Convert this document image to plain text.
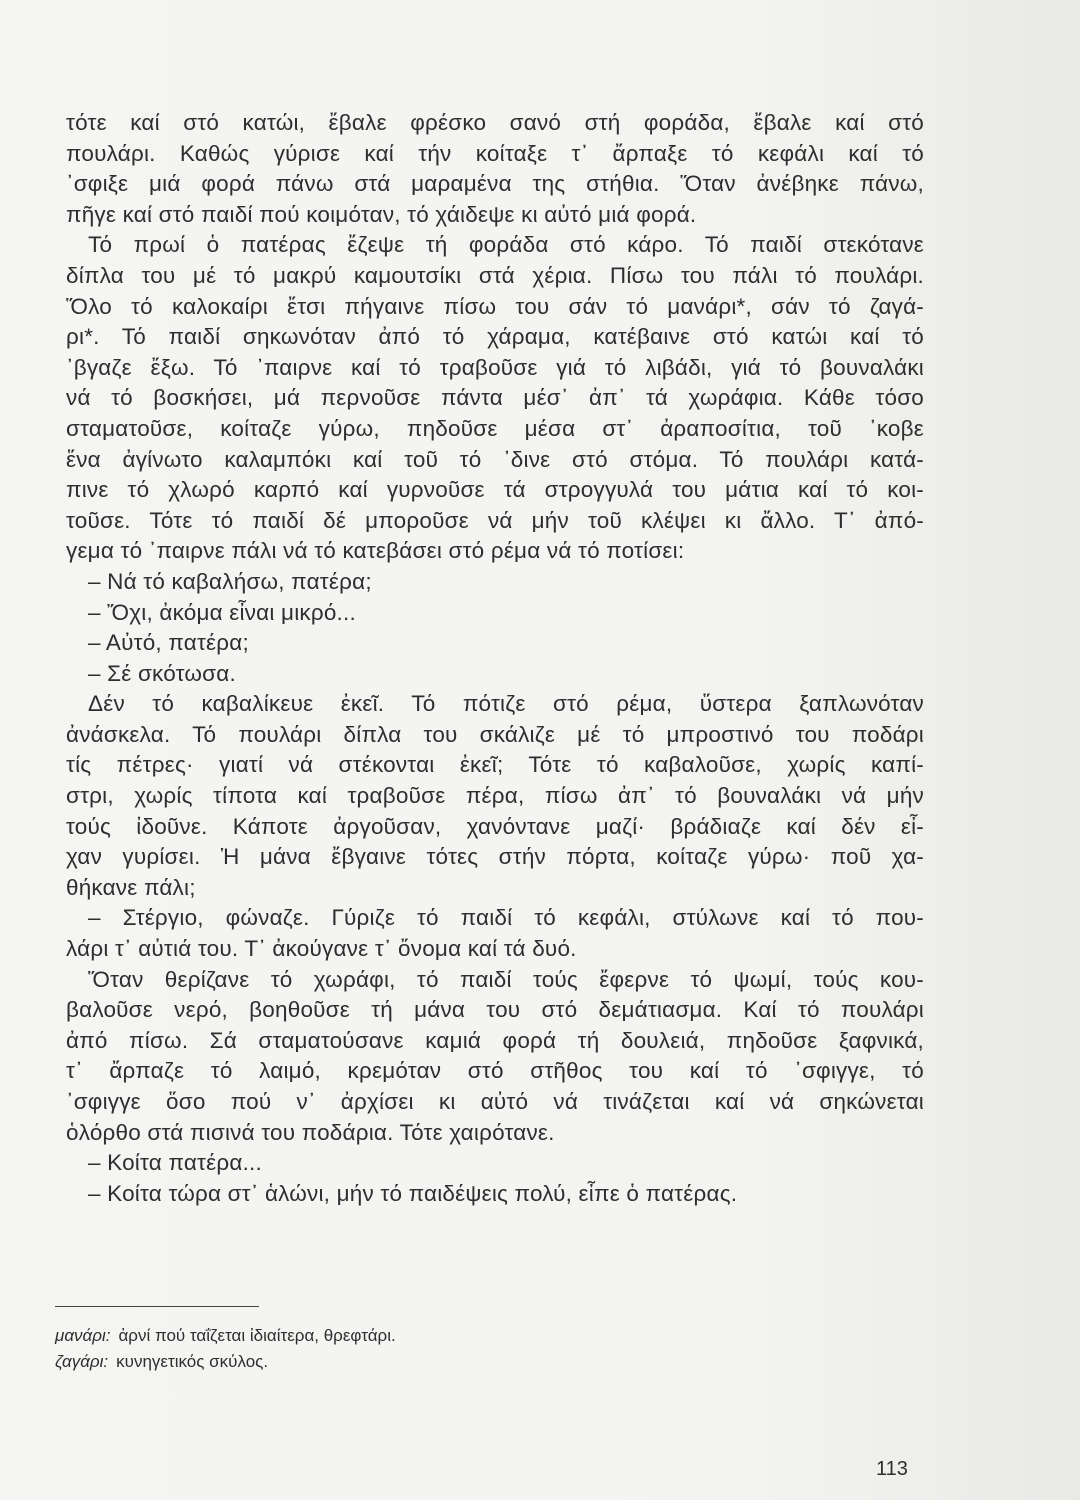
τότε καί στό κατώι, ἔβαλε φρέσκο σανό στή φοράδα, ἔβαλε καί στό
πουλάρι. Καθώς γύρισε καί τήν κοίταξε τ᾽ ἄρπαξε τό κεφάλι καί τό
᾽σφιξε μιά φορά πάνω στά μαραμένα της στήθια. Ὅταν ἀνέβηκε πάνω,
πῆγε καί στό παιδί πού κοιμόταν, τό χάιδεψε κι αὐτό μιά φορά.
Τό πρωί ὁ πατέρας ἔζεψε τή φοράδα στό κάρο. Τό παιδί στεκότανε
δίπλα του μέ τό μακρύ καμουτσίκι στά χέρια. Πίσω του πάλι τό πουλάρι.
Ὅλο τό καλοκαίρι ἔτσι πήγαινε πίσω του σάν τό μανάρι*, σάν τό ζαγά-
ρι*. Τό παιδί σηκωνόταν ἀπό τό χάραμα, κατέβαινε στό κατώι καί τό
᾽βγαζε ἔξω. Τό ᾽παιρνε καί τό τραβοῦσε γιά τό λιβάδι, γιά τό βουναλάκι
νά τό βοσκήσει, μά περνοῦσε πάντα μέσ᾽ ἀπ᾽ τά χωράφια. Κάθε τόσο
σταματοῦσε, κοίταζε γύρω, πηδοῦσε μέσα στ᾽ ἀραποσίτια, τοῦ ᾽κοβε
ἕνα ἀγίνωτο καλαμπόκι καί τοῦ τό ᾽δινε στό στόμα. Τό πουλάρι κατά-
πινε τό χλωρό καρπό καί γυρνοῦσε τά στρογγυλά του μάτια καί τό κοι-
τοῦσε. Τότε τό παιδί δέ μποροῦσε νά μήν τοῦ κλέψει κι ἄλλο. Τ᾽ ἀπό-
γεμα τό ᾽παιρνε πάλι νά τό κατεβάσει στό ρέμα νά τό ποτίσει:
– Νά τό καβαλήσω, πατέρα;
– Ὄχι, ἀκόμα εἶναι μικρό...
– Αὐτό, πατέρα;
– Σέ σκότωσα.
Δέν τό καβαλίκευε ἐκεῖ. Τό πότιζε στό ρέμα, ὕστερα ξαπλωνόταν
ἀνάσκελα. Τό πουλάρι δίπλα του σκάλιζε μέ τό μπροστινό του ποδάρι
τίς πέτρες· γιατί νά στέκονται ἐκεῖ; Τότε τό καβαλοῦσε, χωρίς καπί-
στρι, χωρίς τίποτα καί τραβοῦσε πέρα, πίσω ἀπ᾽ τό βουναλάκι νά μήν
τούς ἰδοῦνε. Κάποτε ἀργοῦσαν, χανόντανε μαζί· βράδιαζε καί δέν εἶ-
χαν γυρίσει. Ἡ μάνα ἔβγαινε τότες στήν πόρτα, κοίταζε γύρω· ποῦ χα-
θήκανε πάλι;
– Στέργιο, φώναζε. Γύριζε τό παιδί τό κεφάλι, στύλωνε καί τό που-
λάρι τ᾽ αὐτιά του. Τ᾽ ἀκούγανε τ᾽ ὄνομα καί τά δυό.
Ὅταν θερίζανε τό χωράφι, τό παιδί τούς ἔφερνε τό ψωμί, τούς κου-
βαλοῦσε νερό, βοηθοῦσε τή μάνα του στό δεμάτιασμα. Καί τό πουλάρι
ἀπό πίσω. Σά σταματούσανε καμιά φορά τή δουλειά, πηδοῦσε ξαφνικά,
τ᾽ ἄρπαζε τό λαιμό, κρεμόταν στό στῆθος του καί τό ᾽σφιγγε, τό
᾽σφιγγε ὅσο πού ν᾽ ἀρχίσει κι αὐτό νά τινάζεται καί νά σηκώνεται
ὁλόρθο στά πισινά του ποδάρια. Τότε χαιρότανε.
– Κοίτα πατέρα...
– Κοίτα τώρα στ᾽ ἁλώνι, μήν τό παιδέψεις πολύ, εἶπε ὁ πατέρας.
μανάρι: ἀρνί πού ταΐζεται ἰδιαίτερα, θρεφτάρι.
ζαγάρι: κυνηγετικός σκύλος.
113
